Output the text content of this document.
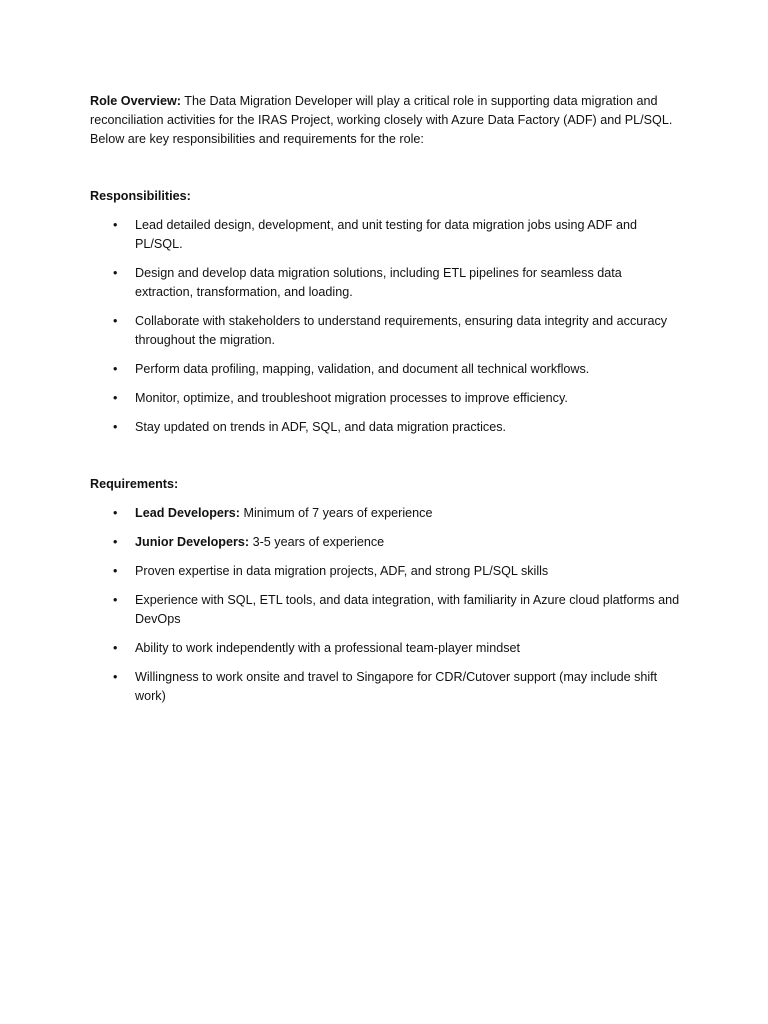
Role Overview: The Data Migration Developer will play a critical role in supporting data migration and reconciliation activities for the IRAS Project, working closely with Azure Data Factory (ADF) and PL/SQL. Below are key responsibilities and requirements for the role:

Responsibilities:

• Lead detailed design, development, and unit testing for data migration jobs using ADF and PL/SQL.
• Design and develop data migration solutions, including ETL pipelines for seamless data extraction, transformation, and loading.
• Collaborate with stakeholders to understand requirements, ensuring data integrity and accuracy throughout the migration.
• Perform data profiling, mapping, validation, and document all technical workflows.
• Monitor, optimize, and troubleshoot migration processes to improve efficiency.
• Stay updated on trends in ADF, SQL, and data migration practices.

Requirements:

• Lead Developers: Minimum of 7 years of experience
• Junior Developers: 3-5 years of experience
• Proven expertise in data migration projects, ADF, and strong PL/SQL skills
• Experience with SQL, ETL tools, and data integration, with familiarity in Azure cloud platforms and DevOps
• Ability to work independently with a professional team-player mindset
• Willingness to work onsite and travel to Singapore for CDR/Cutover support (may include shift work)
